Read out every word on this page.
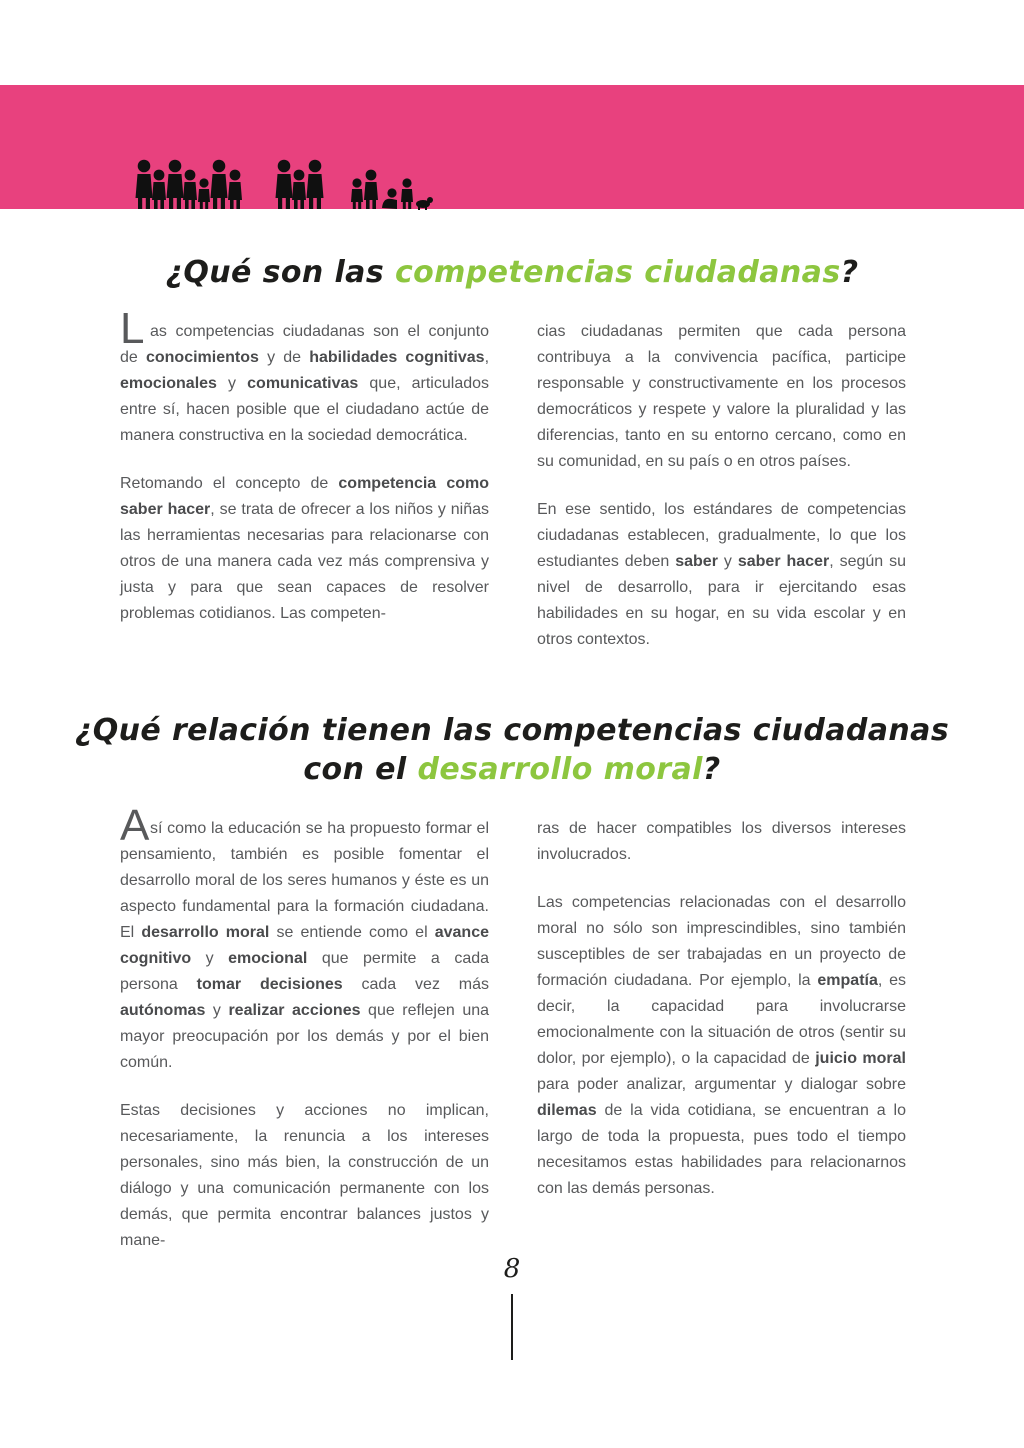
¿Qué son las competencias ciudadanas?

L as competencias ciudadanas son el conjunto de conocimientos y de habilidades cognitivas, emocionales y comunicativas que, articulados entre sí, hacen posible que el ciudadano actúe de manera constructiva en la sociedad democrática.

Retomando el concepto de competencia como saber hacer, se trata de ofrecer a los niños y niñas las herramientas necesarias para relacionarse con otros de una manera cada vez más comprensiva y justa y para que sean capaces de resolver problemas cotidianos. Las competen-

cias ciudadanas permiten que cada persona contribuya a la convivencia pacífica, participe responsable y constructivamente en los procesos democráticos y respete y valore la pluralidad y las diferencias, tanto en su entorno cercano, como en su comunidad, en su país o en otros países.

En ese sentido, los estándares de competencias ciudadanas establecen, gradualmente, lo que los estudiantes deben saber y saber hacer, según su nivel de desarrollo, para ir ejercitando esas habilidades en su hogar, en su vida escolar y en otros contextos.

¿Qué relación tienen las competencias ciudadanas
con el desarrollo moral?

A sí como la educación se ha propuesto formar el pensamiento, también es posible fomentar el desarrollo moral de los seres humanos y éste es un aspecto fundamental para la formación ciudadana. El desarrollo moral se entiende como el avance cognitivo y emocional que permite a cada persona tomar decisiones cada vez más autónomas y realizar acciones que reflejen una mayor preocupación por los demás y por el bien común.

Estas decisiones y acciones no implican, necesariamente, la renuncia a los intereses personales, sino más bien, la construcción de un diálogo y una comunicación permanente con los demás, que permita encontrar balances justos y mane-

ras de hacer compatibles los diversos intereses involucrados.

Las competencias relacionadas con el desarrollo moral no sólo son imprescindibles, sino también susceptibles de ser trabajadas en un proyecto de formación ciudadana. Por ejemplo, la empatía, es decir, la capacidad para involucrarse emocionalmente con la situación de otros (sentir su dolor, por ejemplo), o la capacidad de juicio moral para poder analizar, argumentar y dialogar sobre dilemas de la vida cotidiana, se encuentran a lo largo de toda la propuesta, pues todo el tiempo necesitamos estas habilidades para relacionarnos con las demás personas.

8
